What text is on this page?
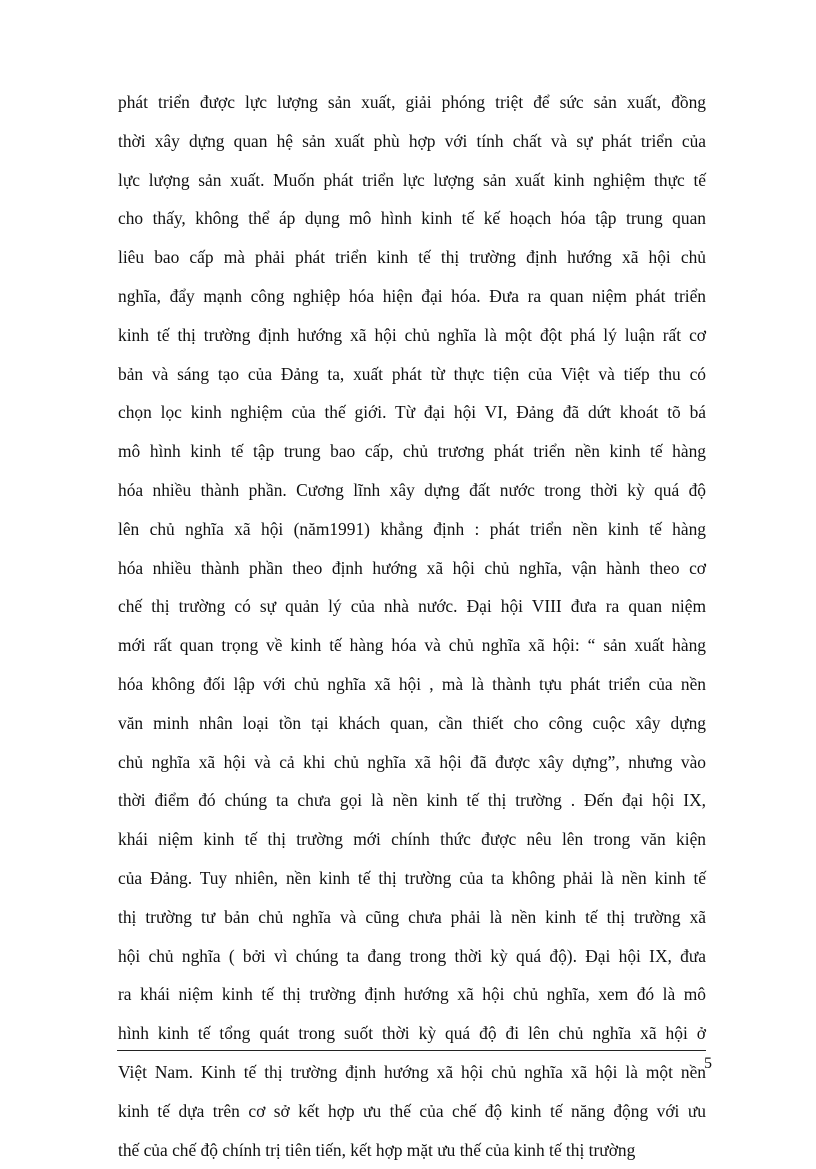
phát triển được lực lượng sản xuất, giải phóng triệt để sức sản xuất, đồng
thời xây dựng quan hệ sản xuất phù hợp với tính chất và sự phát triển của
lực lượng sản xuất. Muốn phát triển lực lượng sản xuất kinh nghiệm thực tế
cho thấy, không thể áp dụng mô hình kinh tế kế hoạch hóa tập trung quan
liêu bao cấp mà phải phát triển kinh tế thị trường định hướng xã hội chủ
nghĩa, đẩy mạnh công nghiệp hóa hiện đại hóa. Đưa ra quan niệm phát triển
kinh tế thị trường định hướng xã hội chủ nghĩa là một đột phá lý luận rất cơ
bản và sáng tạo của Đảng ta, xuất phát từ thực tiện của Việt và tiếp thu có
chọn lọc kinh nghiệm của thế giới. Từ đại hội VI, Đảng đã dứt khoát tõ bá
mô hình kinh tế tập trung bao cấp, chủ trương phát triển nền kinh tế hàng
hóa nhiều thành phần. Cương lĩnh xây dựng đất nước trong thời kỳ quá độ
lên chủ nghĩa xã hội (năm1991) khẳng định : phát triển nền kinh tế hàng
hóa nhiều thành phần theo định hướng xã hội chủ nghĩa, vận hành theo cơ
chế thị trường có sự quản lý của nhà nước. Đại hội VIII đưa ra quan niệm
mới rất quan trọng về kinh tế hàng hóa và chủ nghĩa xã hội: “ sản xuất hàng
hóa không đối lập với chủ nghĩa xã hội , mà là thành tựu phát triển của nền
văn minh nhân loại tồn tại khách quan, cần thiết cho công cuộc xây dựng
chủ nghĩa xã hội và cả khi chủ nghĩa xã hội đã được xây dựng”, nhưng vào
thời điểm đó chúng ta chưa gọi là nền kinh tế thị trường . Đến đại hội IX,
khái niệm kinh tế thị trường mới chính thức được nêu lên trong văn kiện
của Đảng. Tuy nhiên, nền kinh tế thị trường của ta không phải là nền kinh tế
thị trường tư bản chủ nghĩa và cũng chưa phải là nền kinh tế thị trường xã
hội chủ nghĩa ( bởi vì chúng ta đang trong thời kỳ quá độ). Đại hội IX, đưa
ra khái niệm kinh tế thị trường định hướng xã hội chủ nghĩa, xem đó là mô
hình kinh tế tổng quát trong suốt thời kỳ quá độ đi lên chủ nghĩa xã hội ở
Việt Nam. Kinh tế thị trường định hướng xã hội chủ nghĩa xã hội là một nền
kinh tế dựa trên cơ sở kết hợp ưu thế của chế độ kinh tế năng động với ưu
thế của chế độ chính trị tiên tiến, kết hợp mặt ưu thế của kinh tế thị trường
5
